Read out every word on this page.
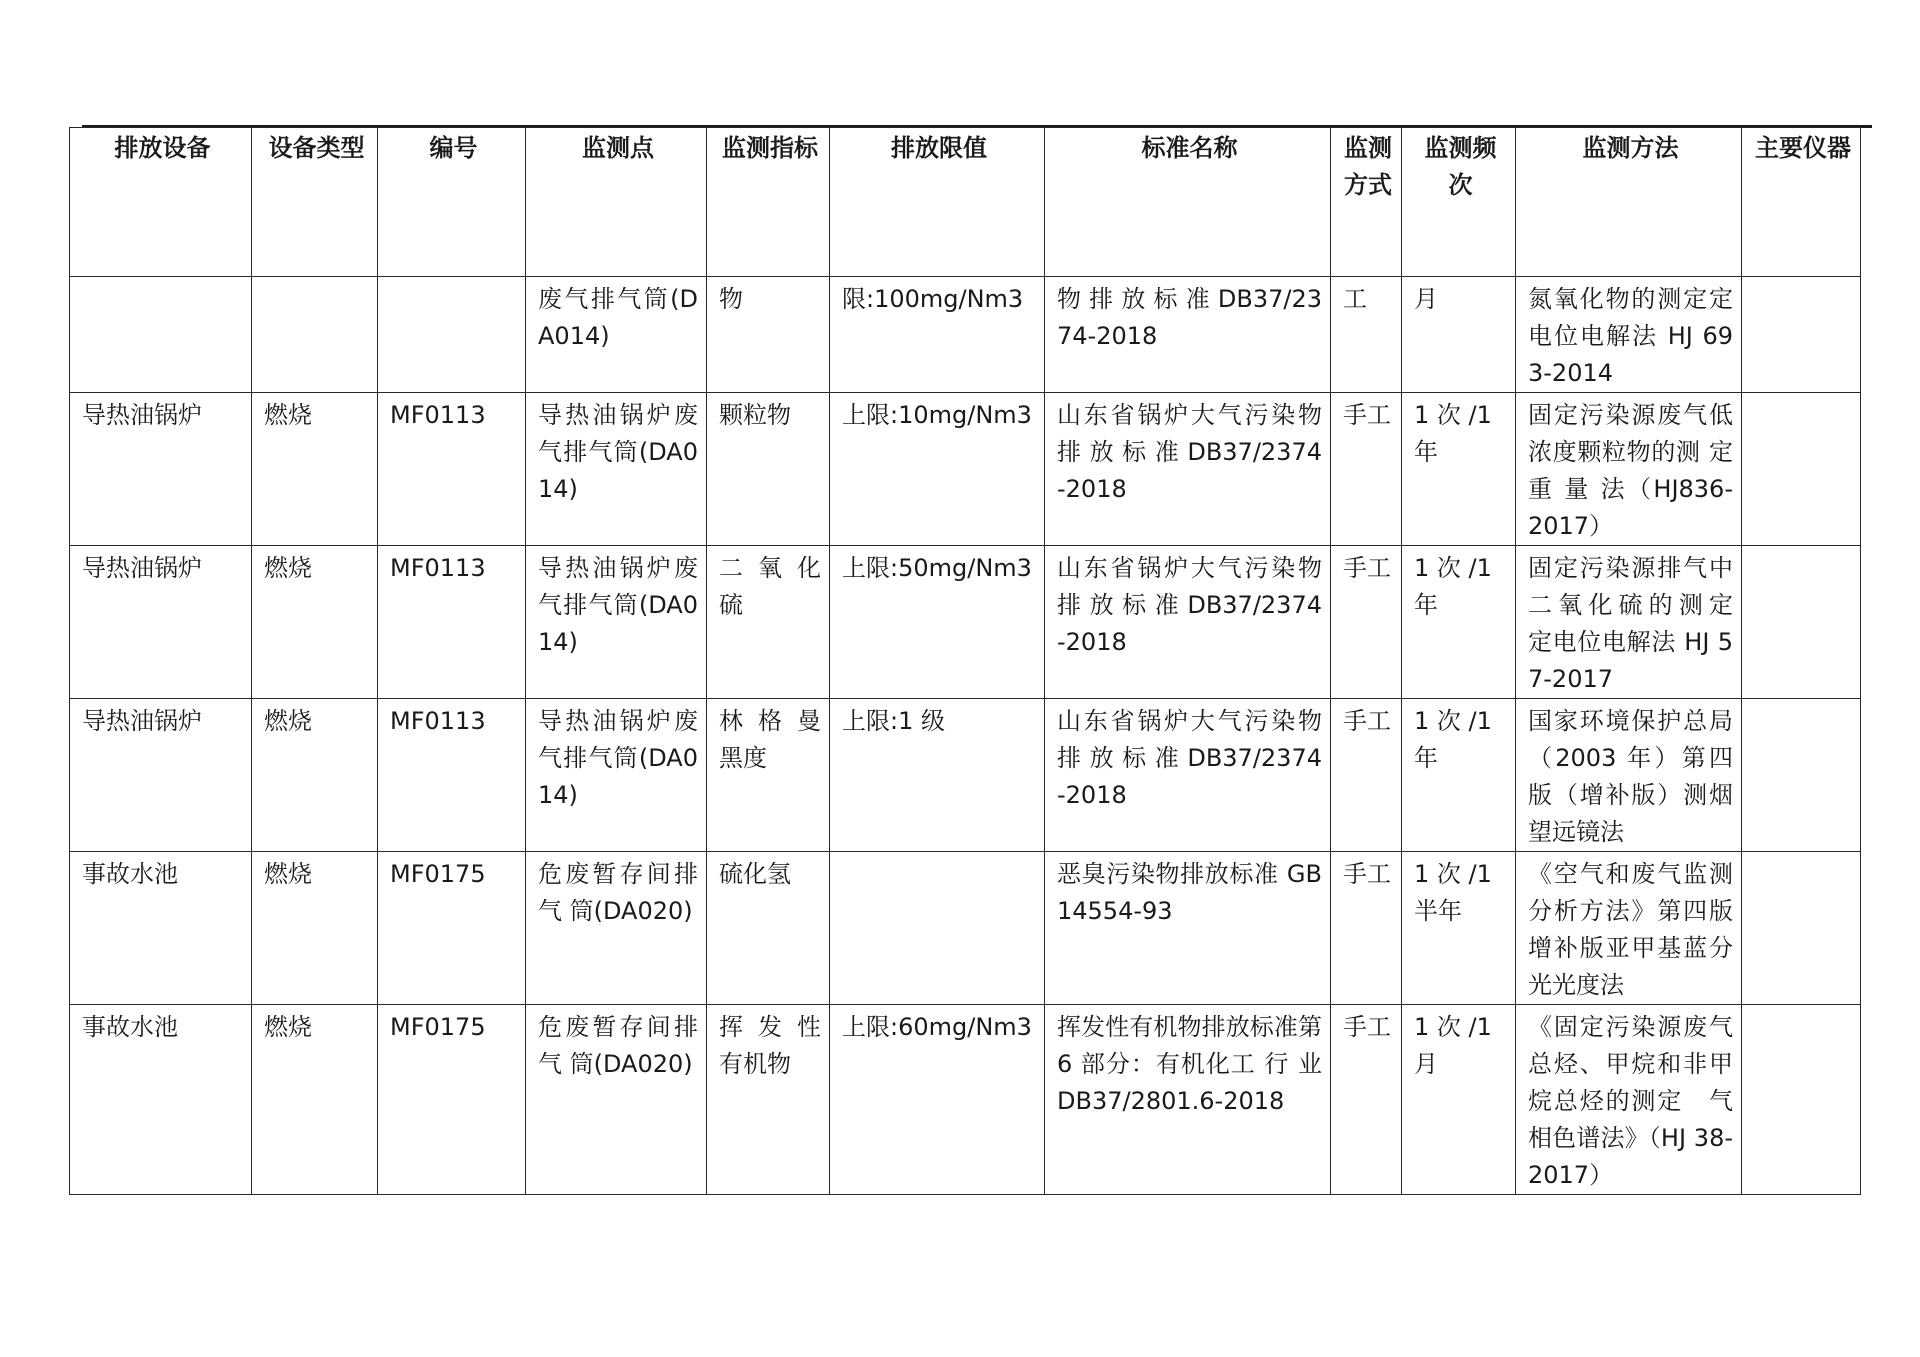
排放设备	设备类型	编号	监测点	监测指标	排放限值	标准名称	监测方式	监测频次	监测方法	主要仪器
			废气排气筒(DA014)	物	限:100mg/Nm3	物 排 放 标 准 DB37/2374-2018	工	月	氮氧化物的测定定电位电解法 HJ 693-2014	
导热油锅炉	燃烧	MF0113	导热油锅炉废气排气筒(DA014)	颗粒物	上限:10mg/Nm3	山东省锅炉大气污染物 排 放 标 准 DB37/2374-2018	手工	1 次 /1 年	固定污染源废气低浓度颗粒物的测 定　重 量 法（HJ836-2017）	
导热油锅炉	燃烧	MF0113	导热油锅炉废气排气筒(DA014)	二 氧 化 硫	上限:50mg/Nm3	山东省锅炉大气污染物 排 放 标 准 DB37/2374-2018	手工	1 次 /1 年	固定污染源排气中二氧化硫的测定　定电位电解法 HJ 57-2017	
导热油锅炉	燃烧	MF0113	导热油锅炉废气排气筒(DA014)	林 格 曼 黑度	上限:1 级	山东省锅炉大气污染物 排 放 标 准 DB37/2374-2018	手工	1 次 /1 年	国家环境保护总局（2003 年）第四版（增补版）测烟望远镜法	
事故水池	燃烧	MF0175	危废暂存间排 气 筒(DA020)	硫化氢		恶臭污染物排放标准 GB 14554-93	手工	1 次 /1 半年	《空气和废气监测分析方法》第四版增补版亚甲基蓝分光光度法	
事故水池	燃烧	MF0175	危废暂存间排 气 筒(DA020)	挥 发 性 有机物	上限:60mg/Nm3	挥发性有机物排放标准第 6 部分：有机化工 行 业 DB37/2801.6-2018	手工	1 次 /1 月	《固定污染源废气　总烃、甲烷和非甲烷总烃的测定　气相色谱法》（HJ 38-2017）	
